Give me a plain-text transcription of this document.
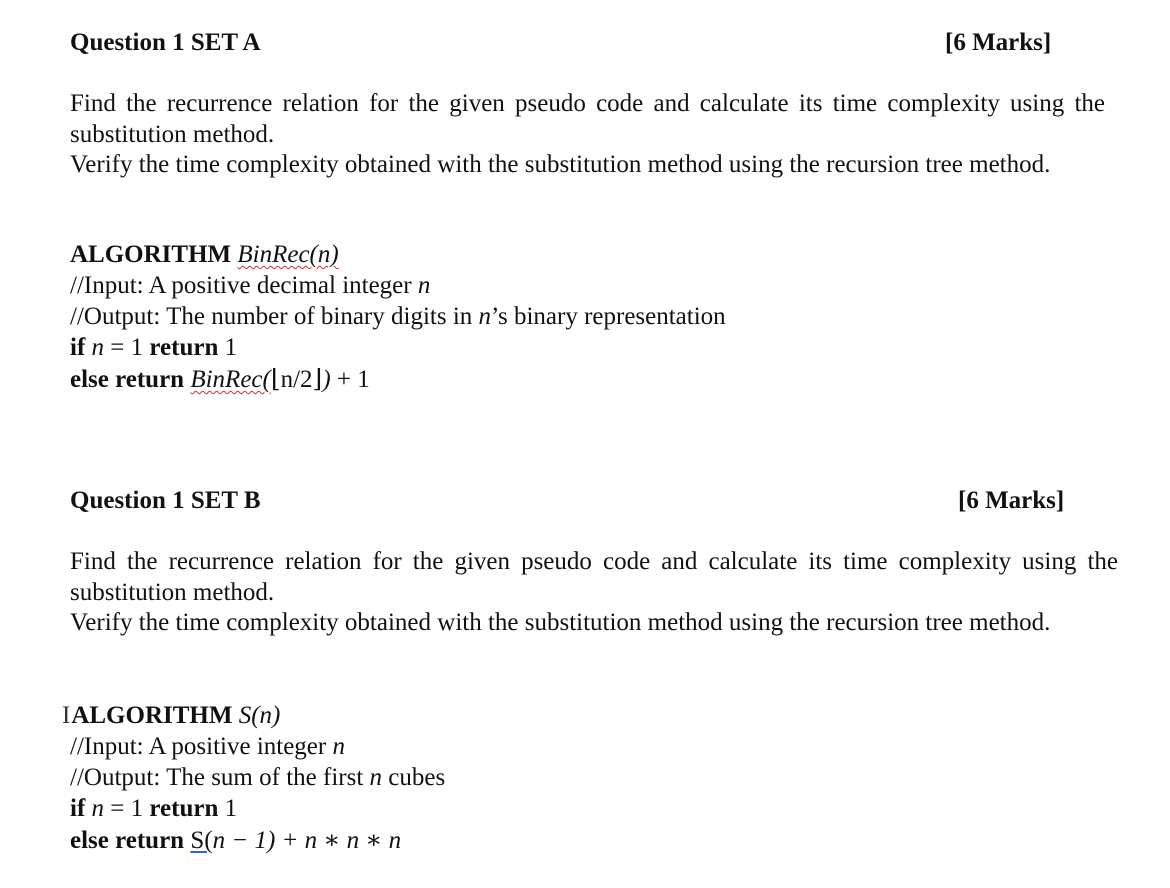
Question 1 SET A	[6 Marks]
Find the recurrence relation for the given pseudo code and calculate its time complexity using the substitution method.
Verify the time complexity obtained with the substitution method using the recursion tree method.
ALGORITHM BinRec(n)
//Input: A positive decimal integer n
//Output: The number of binary digits in n’s binary representation
if n = 1 return 1
else return BinRec(⌊n/2⌋) + 1
Question 1 SET B	[6 Marks]
Find the recurrence relation for the given pseudo code and calculate its time complexity using the substitution method.
Verify the time complexity obtained with the substitution method using the recursion tree method.
IALGORITHM S(n)
//Input: A positive integer n
//Output: The sum of the first n cubes
if n = 1 return 1
else return S(n − 1) + n ∗ n ∗ n
